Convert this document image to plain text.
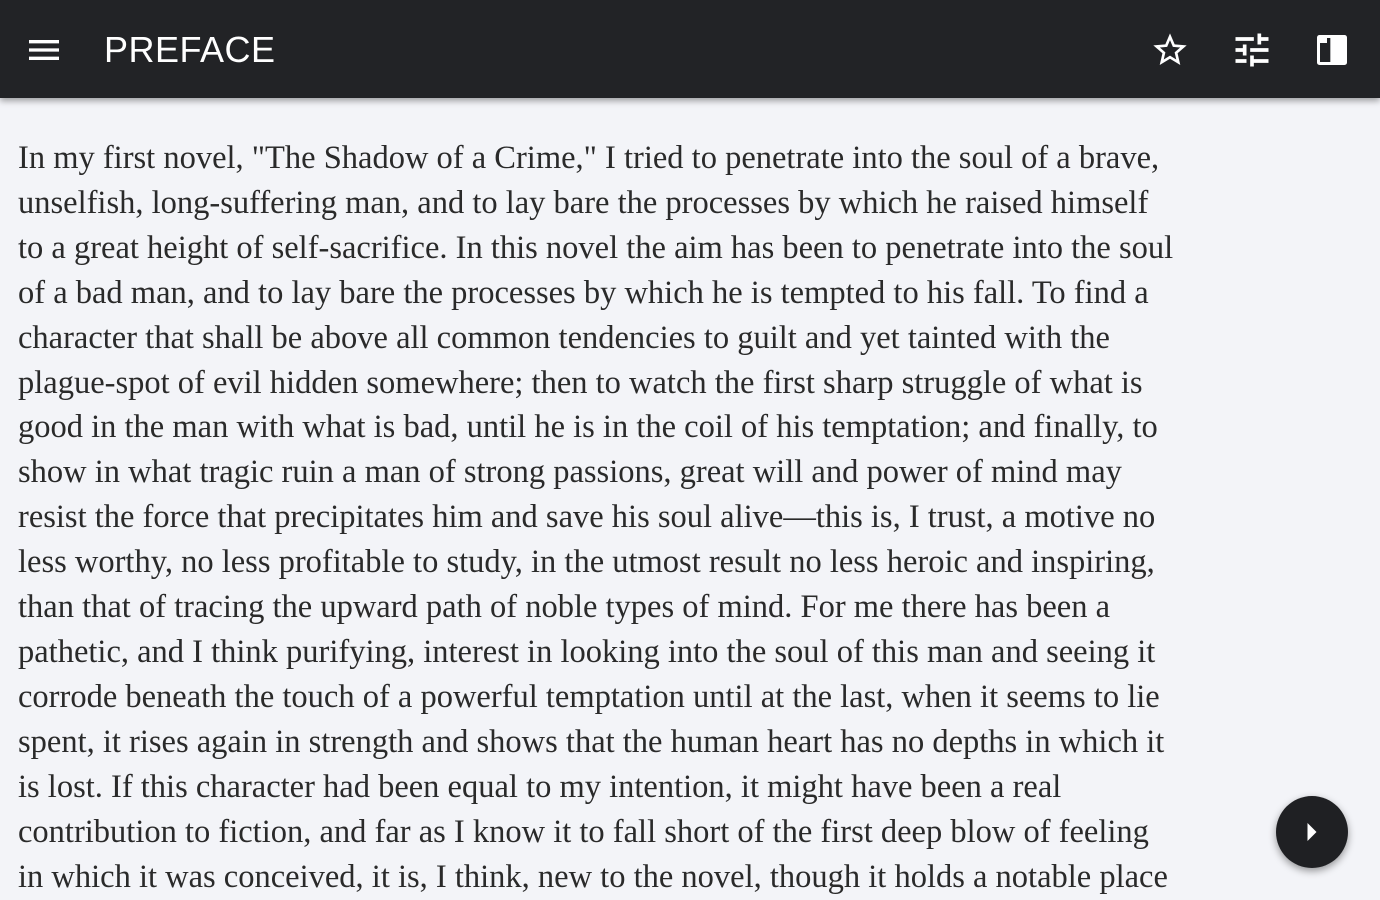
PREFACE

In my first novel, "The Shadow of a Crime," I tried to penetrate into the soul of a brave,
unselfish, long-suffering man, and to lay bare the processes by which he raised himself
to a great height of self-sacrifice. In this novel the aim has been to penetrate into the soul
of a bad man, and to lay bare the processes by which he is tempted to his fall. To find a
character that shall be above all common tendencies to guilt and yet tainted with the
plague-spot of evil hidden somewhere; then to watch the first sharp struggle of what is
good in the man with what is bad, until he is in the coil of his temptation; and finally, to
show in what tragic ruin a man of strong passions, great will and power of mind may
resist the force that precipitates him and save his soul alive—this is, I trust, a motive no
less worthy, no less profitable to study, in the utmost result no less heroic and inspiring,
than that of tracing the upward path of noble types of mind. For me there has been a
pathetic, and I think purifying, interest in looking into the soul of this man and seeing it
corrode beneath the touch of a powerful temptation until at the last, when it seems to lie
spent, it rises again in strength and shows that the human heart has no depths in which it
is lost. If this character had been equal to my intention, it might have been a real
contribution to fiction, and far as I know it to fall short of the first deep blow of feeling
in which it was conceived, it is, I think, new to the novel, though it holds a notable place
